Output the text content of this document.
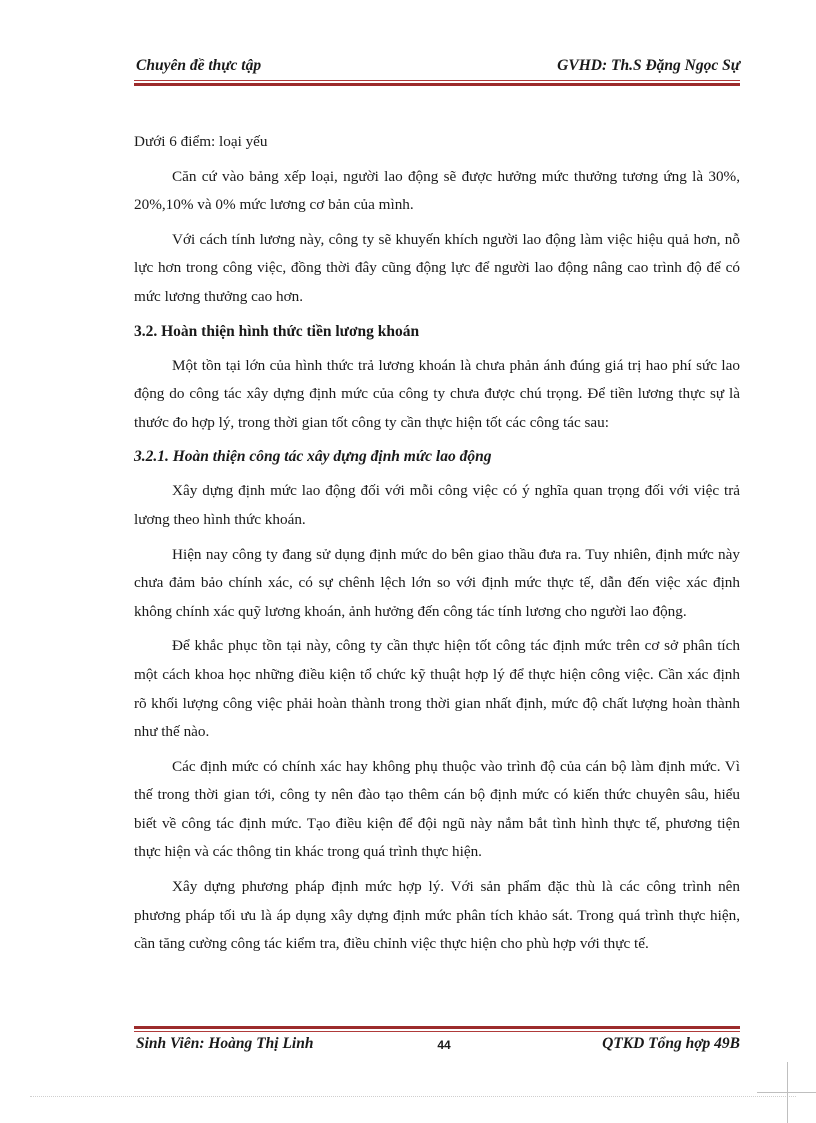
Chuyên đề thực tập	GVHD: Th.S Đặng Ngọc Sự

Dưới 6 điểm: loại yếu

Căn cứ vào bảng xếp loại, người lao động sẽ được hưởng mức thưởng tương ứng là 30%, 20%,10% và 0% mức lương cơ bản của mình.

Với cách tính lương này, công ty sẽ khuyến khích người lao động làm việc hiệu quả hơn, nỗ lực hơn trong công việc, đồng thời đây cũng động lực để người lao động nâng cao trình độ để có mức lương thưởng cao hơn.

3.2. Hoàn thiện hình thức tiền lương khoán

Một tồn tại lớn của hình thức trả lương khoán là chưa phản ánh đúng giá trị hao phí sức lao động do công tác xây dựng định mức của công ty chưa được chú trọng. Để tiền lương thực sự là thước đo hợp lý, trong thời gian tốt công ty cần thực hiện tốt các công tác sau:

3.2.1. Hoàn thiện công tác xây dựng định mức lao động

Xây dựng định mức lao động đối với mỗi công việc có ý nghĩa quan trọng đối với việc trả lương theo hình thức khoán.

Hiện nay công ty đang sử dụng định mức do bên giao thầu đưa ra. Tuy nhiên, định mức này chưa đảm bảo chính xác, có sự chênh lệch lớn so với định mức thực tế, dẫn đến việc xác định không chính xác quỹ lương khoán, ảnh hưởng đến công tác tính lương cho người lao động.

Để khắc phục tồn tại này, công ty cần thực hiện tốt công tác định mức trên cơ sở phân tích một cách khoa học những điều kiện tổ chức kỹ thuật hợp lý để thực hiện công việc. Cần xác định rõ khối lượng công việc phải hoàn thành trong thời gian nhất định, mức độ chất lượng hoàn thành như thế nào.

Các định mức có chính xác hay không phụ thuộc vào trình độ của cán bộ làm định mức. Vì thế trong thời gian tới, công ty nên đào tạo thêm cán bộ định mức có kiến thức chuyên sâu, hiểu biết về công tác định mức. Tạo điều kiện để đội ngũ này nắm bắt tình hình thực tế, phương tiện thực hiện và các thông tin khác trong quá trình thực hiện.

Xây dựng phương pháp định mức hợp lý. Với sản phẩm đặc thù là các công trình nên phương pháp tối ưu là áp dụng xây dựng định mức phân tích khảo sát. Trong quá trình thực hiện, cần tăng cường công tác kiểm tra, điều chỉnh việc thực hiện cho phù hợp với thực tế.

Sinh Viên: Hoàng Thị Linh	44	QTKD Tổng hợp 49B
